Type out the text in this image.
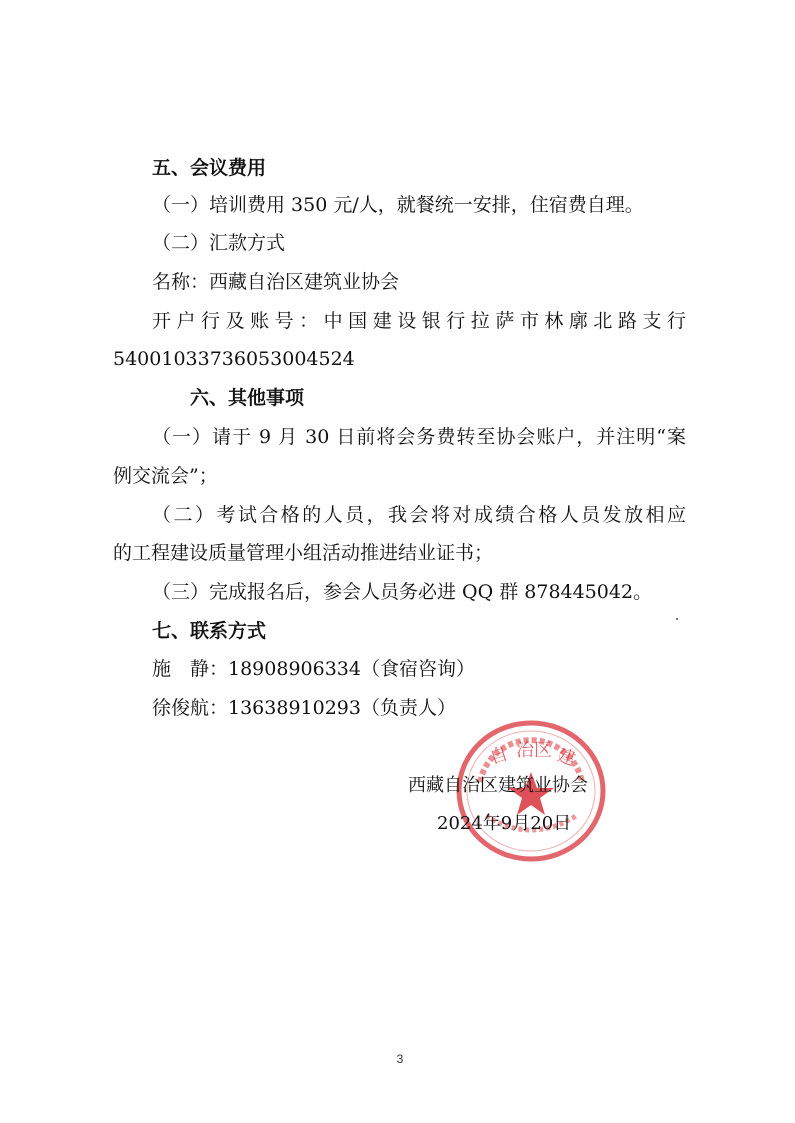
五、会议费用
（一）培训费用 350 元/人，就餐统一安排，住宿费自理。
（二）汇款方式
名称：西藏自治区建筑业协会
开户行及账号：中国建设银行拉萨市林廓北路支行
5400103373605300452​4
六、其他事项
（一）请于 9 月 30 日前将会务费转至协会账户，并注明“案
例交流会”；
（二）考试合格的人员，我会将对成绩合格人员发放相应
的工程建设质量管理小组活动推进结业证书；
（三）完成报名后，参会人员务必进 QQ 群 878445042。
七、联系方式
施　静：18908906334（食宿咨询）
徐俊航：13638910293（负责人）
自 治区 建
西藏自治区建筑业协会
2024年9月20日
3
